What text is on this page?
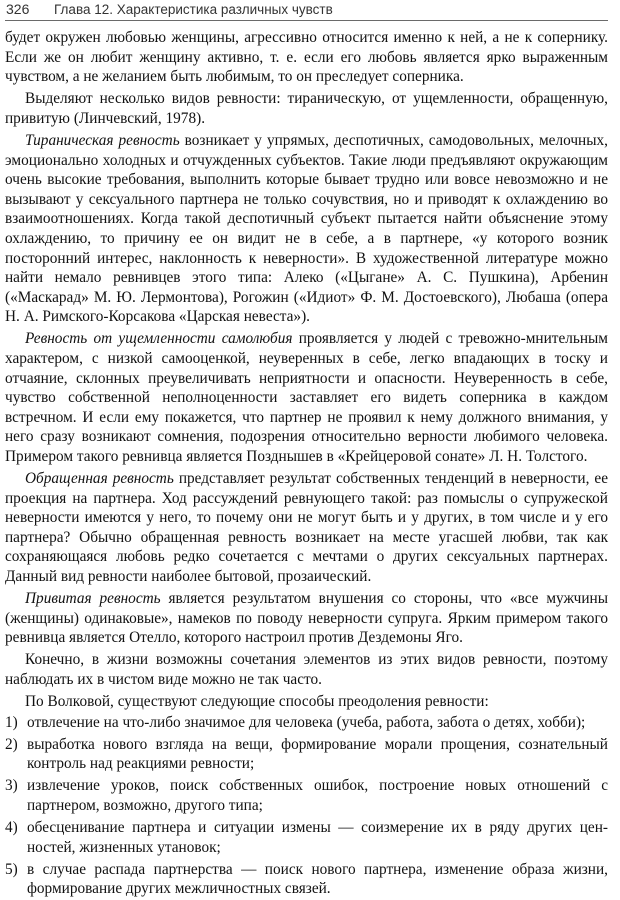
326 Глава 12. Характеристика различных чувств

будет окружен любовью женщины, агрессивно относится именно к ней, а не к сопернику. Если же он любит женщину активно, т. е. если его любовь является ярко выраженным чувством, а не желанием быть любимым, то он преследует соперника.

Выделяют несколько видов ревности: тираническую, от ущемленности, обращенную, привитую (Линчевский, 1978).

Тираническая ревность возникает у упрямых, деспотичных, самодовольных, мелочных, эмоционально холодных и отчужденных субъектов. Такие люди предъявляют окружающим очень высокие требования, выполнить которые бывает трудно или вовсе невозможно и не вызывают у сексуального партнера не только сочувствия, но и приводят к охлаждению во взаимоотношениях. Когда такой деспотичный субъект пытается найти объяснение этому охлаждению, то причину ее он видит не в себе, а в партнере, «у которого возник посторонний интерес, наклонность к неверности». В художественной литературе можно найти немало ревнивцев этого типа: Алеко («Цыгане» А. С. Пушкина), Арбенин («Маскарад» М. Ю. Лермонтова), Рогожин («Идиот» Ф. М. Достоевского), Любаша (опера Н. А. Римского-Корсакова «Царская невеста»).

Ревность от ущемленности самолюбия проявляется у людей с тревожно-мнительным характером, с низкой самооценкой, неуверенных в себе, легко впадающих в тоску и отчаяние, склонных преувеличивать неприятности и опасности. Неуверенность в себе, чувство собственной неполноценности заставляет его видеть соперника в каждом встречном. И если ему покажется, что партнер не проявил к нему должного внимания, у него сразу возникают сомнения, подозрения относительно верности любимого человека. Примером такого ревнивца является Позднышев в «Крейцеровой сонате» Л. Н. Толстого.

Обращенная ревность представляет результат собственных тенденций в неверности, ее проекция на партнера. Ход рассуждений ревнующего такой: раз помыслы о супружеской неверности имеются у него, то почему они не могут быть и у других, в том числе и у его партнера? Обычно обращенная ревность возникает на месте угасшей любви, так как сохраняющаяся любовь редко сочетается с мечтами о других сексуальных партнерах. Данный вид ревности наиболее бытовой, прозаический.

Привитая ревность является результатом внушения со стороны, что «все мужчины (женщины) одинаковые», намеков по поводу неверности супруга. Ярким примером такого ревнивца является Отелло, которого настроил против Дездемоны Яго.

Конечно, в жизни возможны сочетания элементов из этих видов ревности, поэтому наблюдать их в чистом виде можно не так часто.

По Волковой, существуют следующие способы преодоления ревности:

1) отвлечение на что-либо значимое для человека (учеба, работа, забота о детях, хобби);
2) выработка нового взгляда на вещи, формирование морали прощения, сознательный контроль над реакциями ревности;
3) извлечение уроков, поиск собственных ошибок, построение новых отношений с партнером, возможно, другого типа;
4) обесценивание партнера и ситуации измены — соизмерение их в ряду других ценностей, жизненных утановок;
5) в случае распада партнерства — поиск нового партнера, изменение образа жизни, формирование других межличностных связей.
